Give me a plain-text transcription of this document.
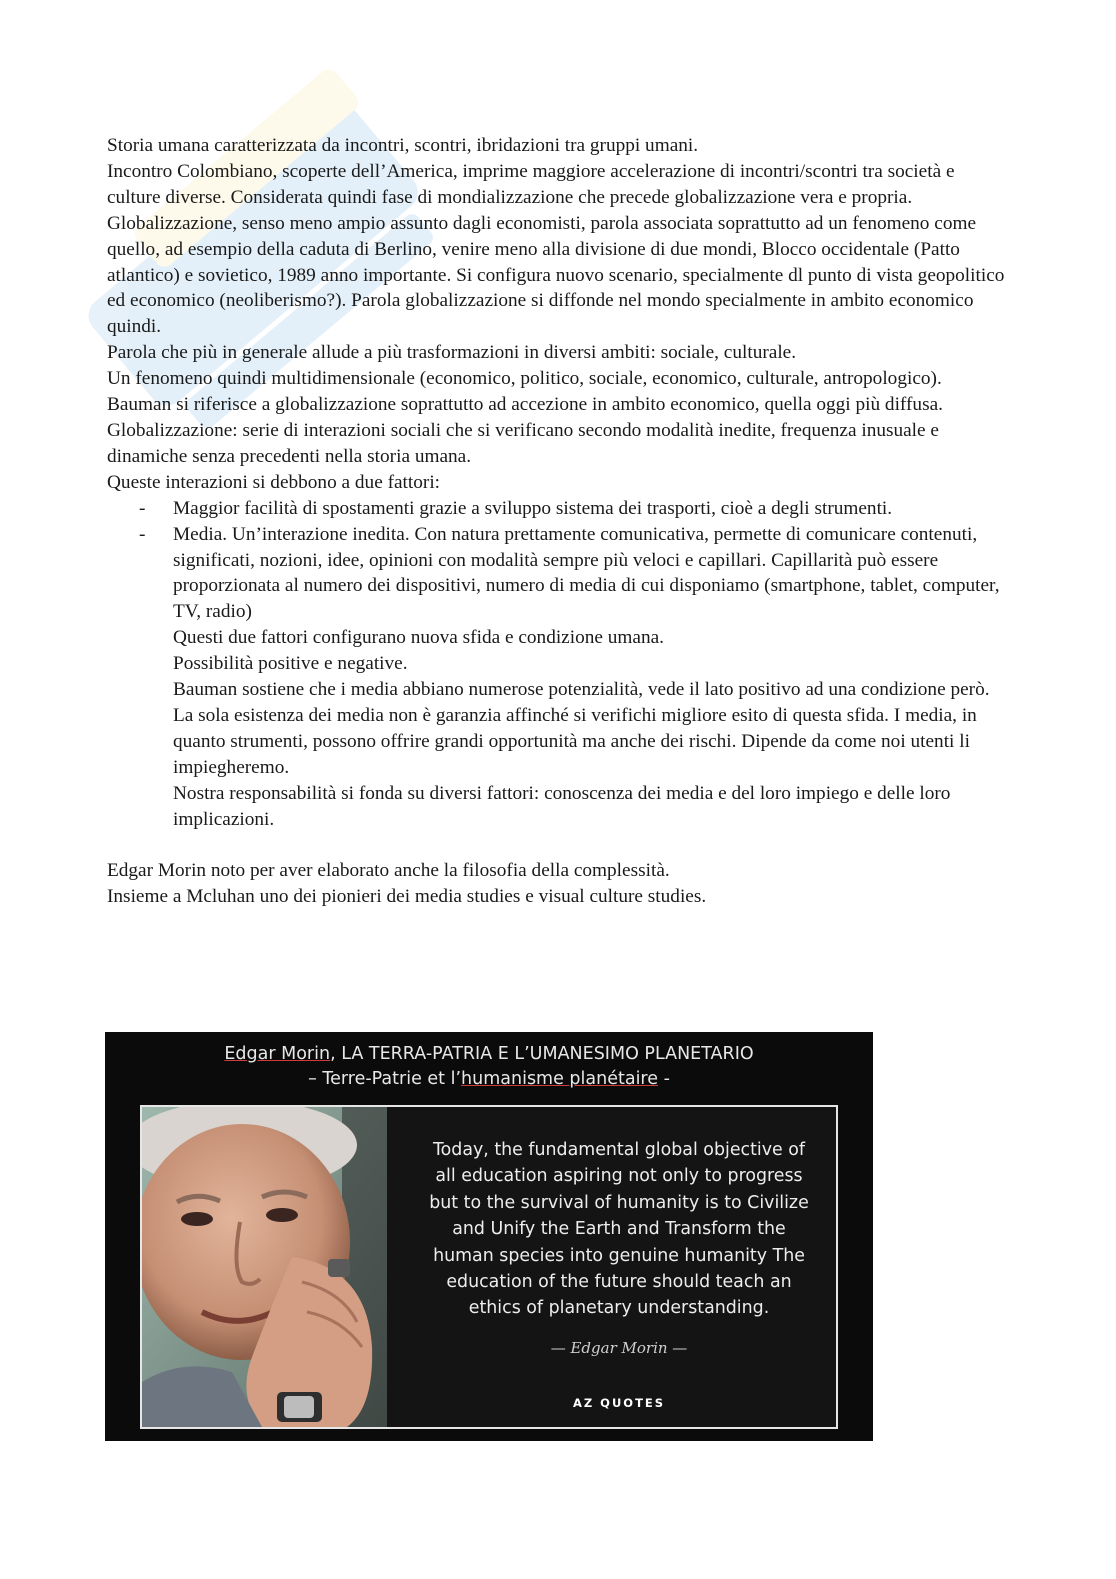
Storia umana caratterizzata da incontri, scontri, ibridazioni tra gruppi umani.

Incontro Colombiano, scoperte dell’America, imprime maggiore accelerazione di incontri/scontri tra società e culture diverse. Considerata quindi fase di mondializzazione che precede globalizzazione vera e propria.

Globalizzazione, senso meno ampio assunto dagli economisti, parola associata soprattutto ad un fenomeno come quello, ad esempio della caduta di Berlino, venire meno alla divisione di due mondi, Blocco occidentale (Patto atlantico) e sovietico, 1989 anno importante. Si configura nuovo scenario, specialmente dl punto di vista geopolitico ed economico (neoliberismo?). Parola globalizzazione si diffonde nel mondo specialmente in ambito economico quindi.

Parola che più in generale allude a più trasformazioni in diversi ambiti: sociale, culturale.

Un fenomeno quindi multidimensionale (economico, politico, sociale, economico, culturale, antropologico).

Bauman si riferisce a globalizzazione soprattutto ad accezione in ambito economico, quella oggi più diffusa.

Globalizzazione: serie di interazioni sociali che si verificano secondo modalità inedite, frequenza inusuale e dinamiche senza precedenti nella storia umana.

Queste interazioni si debbono a due fattori:

- Maggior facilità di spostamenti grazie a sviluppo sistema dei trasporti, cioè a degli strumenti.

- Media. Un’interazione inedita. Con natura prettamente comunicativa, permette di comunicare contenuti, significati, nozioni, idee, opinioni con modalità sempre più veloci e capillari. Capillarità può essere proporzionata al numero dei dispositivi, numero di media di cui disponiamo (smartphone, tablet, computer, TV, radio)

Questi due fattori configurano nuova sfida e condizione umana.

Possibilità positive e negative.

Bauman sostiene che i media abbiano numerose potenzialità, vede il lato positivo ad una condizione però. La sola esistenza dei media non è garanzia affinché si verifichi migliore esito di questa sfida. I media, in quanto strumenti, possono offrire grandi opportunità ma anche dei rischi. Dipende da come noi utenti li impiegheremo.

Nostra responsabilità si fonda su diversi fattori: conoscenza dei media e del loro impiego e delle loro implicazioni.

Edgar Morin noto per aver elaborato anche la filosofia della complessità.

Insieme a Mcluhan uno dei pionieri dei media studies e visual culture studies.

Edgar Morin, LA TERRA-PATRIA E L’UMANESIMO PLANETARIO
– Terre-Patrie et l’humanisme planétaire -
Today, the fundamental global objective of
all education aspiring not only to progress
but to the survival of humanity is to Civilize
and Unify the Earth and Transform the
human species into genuine humanity The
education of the future should teach an
ethics of planetary understanding.
— Edgar Morin —
AZ QUOTES
